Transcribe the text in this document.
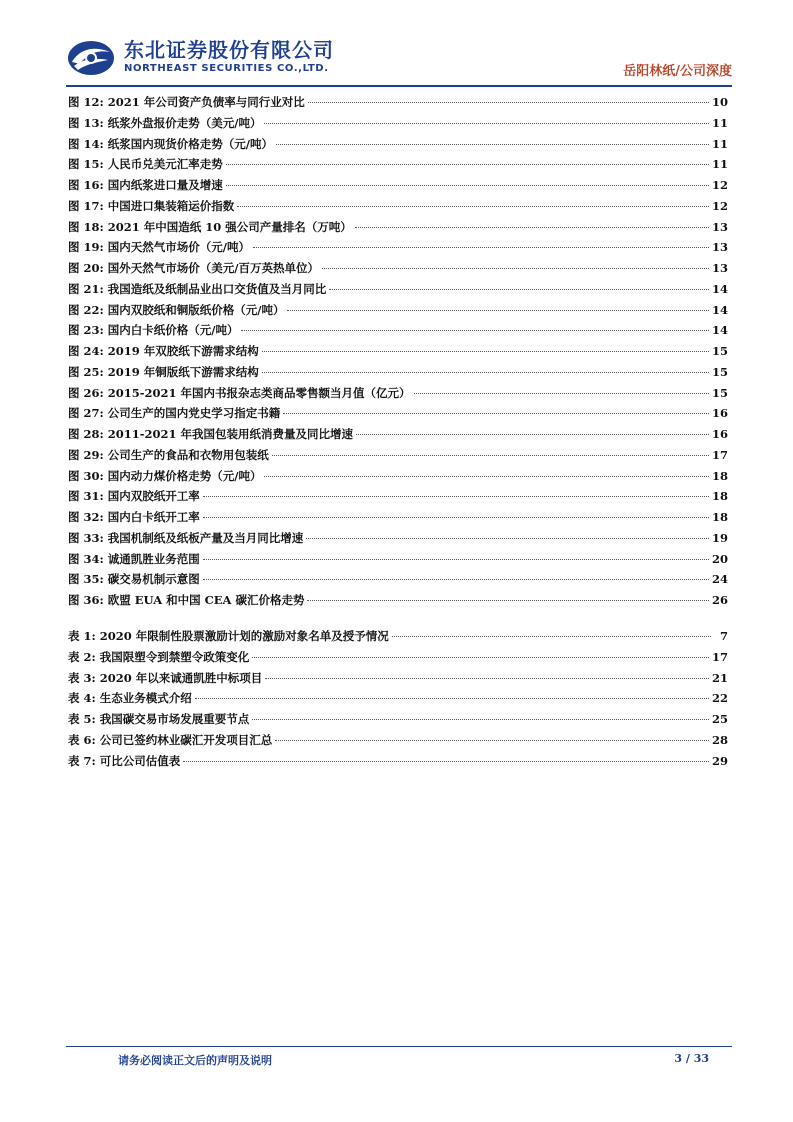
东北证券股份有限公司
NORTHEAST SECURITIES CO.,LTD.	岳阳林纸/公司深度
图 12: 2021 年公司资产负债率与同行业对比	10
图 13: 纸浆外盘报价走势（美元/吨）	11
图 14: 纸浆国内现货价格走势（元/吨）	11
图 15: 人民币兑美元汇率走势	11
图 16: 国内纸浆进口量及增速	12
图 17: 中国进口集装箱运价指数	12
图 18: 2021 年中国造纸 10 强公司产量排名（万吨）	13
图 19: 国内天然气市场价（元/吨）	13
图 20: 国外天然气市场价（美元/百万英热单位）	13
图 21: 我国造纸及纸制品业出口交货值及当月同比	14
图 22: 国内双胶纸和铜版纸价格（元/吨）	14
图 23: 国内白卡纸价格（元/吨）	14
图 24: 2019 年双胶纸下游需求结构	15
图 25: 2019 年铜版纸下游需求结构	15
图 26: 2015-2021 年国内书报杂志类商品零售额当月值（亿元）	15
图 27: 公司生产的国内党史学习指定书籍	16
图 28: 2011-2021 年我国包装用纸消费量及同比增速	16
图 29: 公司生产的食品和衣物用包装纸	17
图 30: 国内动力煤价格走势（元/吨）	18
图 31: 国内双胶纸开工率	18
图 32: 国内白卡纸开工率	18
图 33: 我国机制纸及纸板产量及当月同比增速	19
图 34: 诚通凯胜业务范围	20
图 35: 碳交易机制示意图	24
图 36: 欧盟 EUA 和中国 CEA 碳汇价格走势	26
表 1: 2020 年限制性股票激励计划的激励对象名单及授予情况	7
表 2: 我国限塑令到禁塑令政策变化	17
表 3: 2020 年以来诚通凯胜中标项目	21
表 4: 生态业务模式介绍	22
表 5: 我国碳交易市场发展重要节点	25
表 6: 公司已签约林业碳汇开发项目汇总	28
表 7: 可比公司估值表	29
请务必阅读正文后的声明及说明	3 / 33
